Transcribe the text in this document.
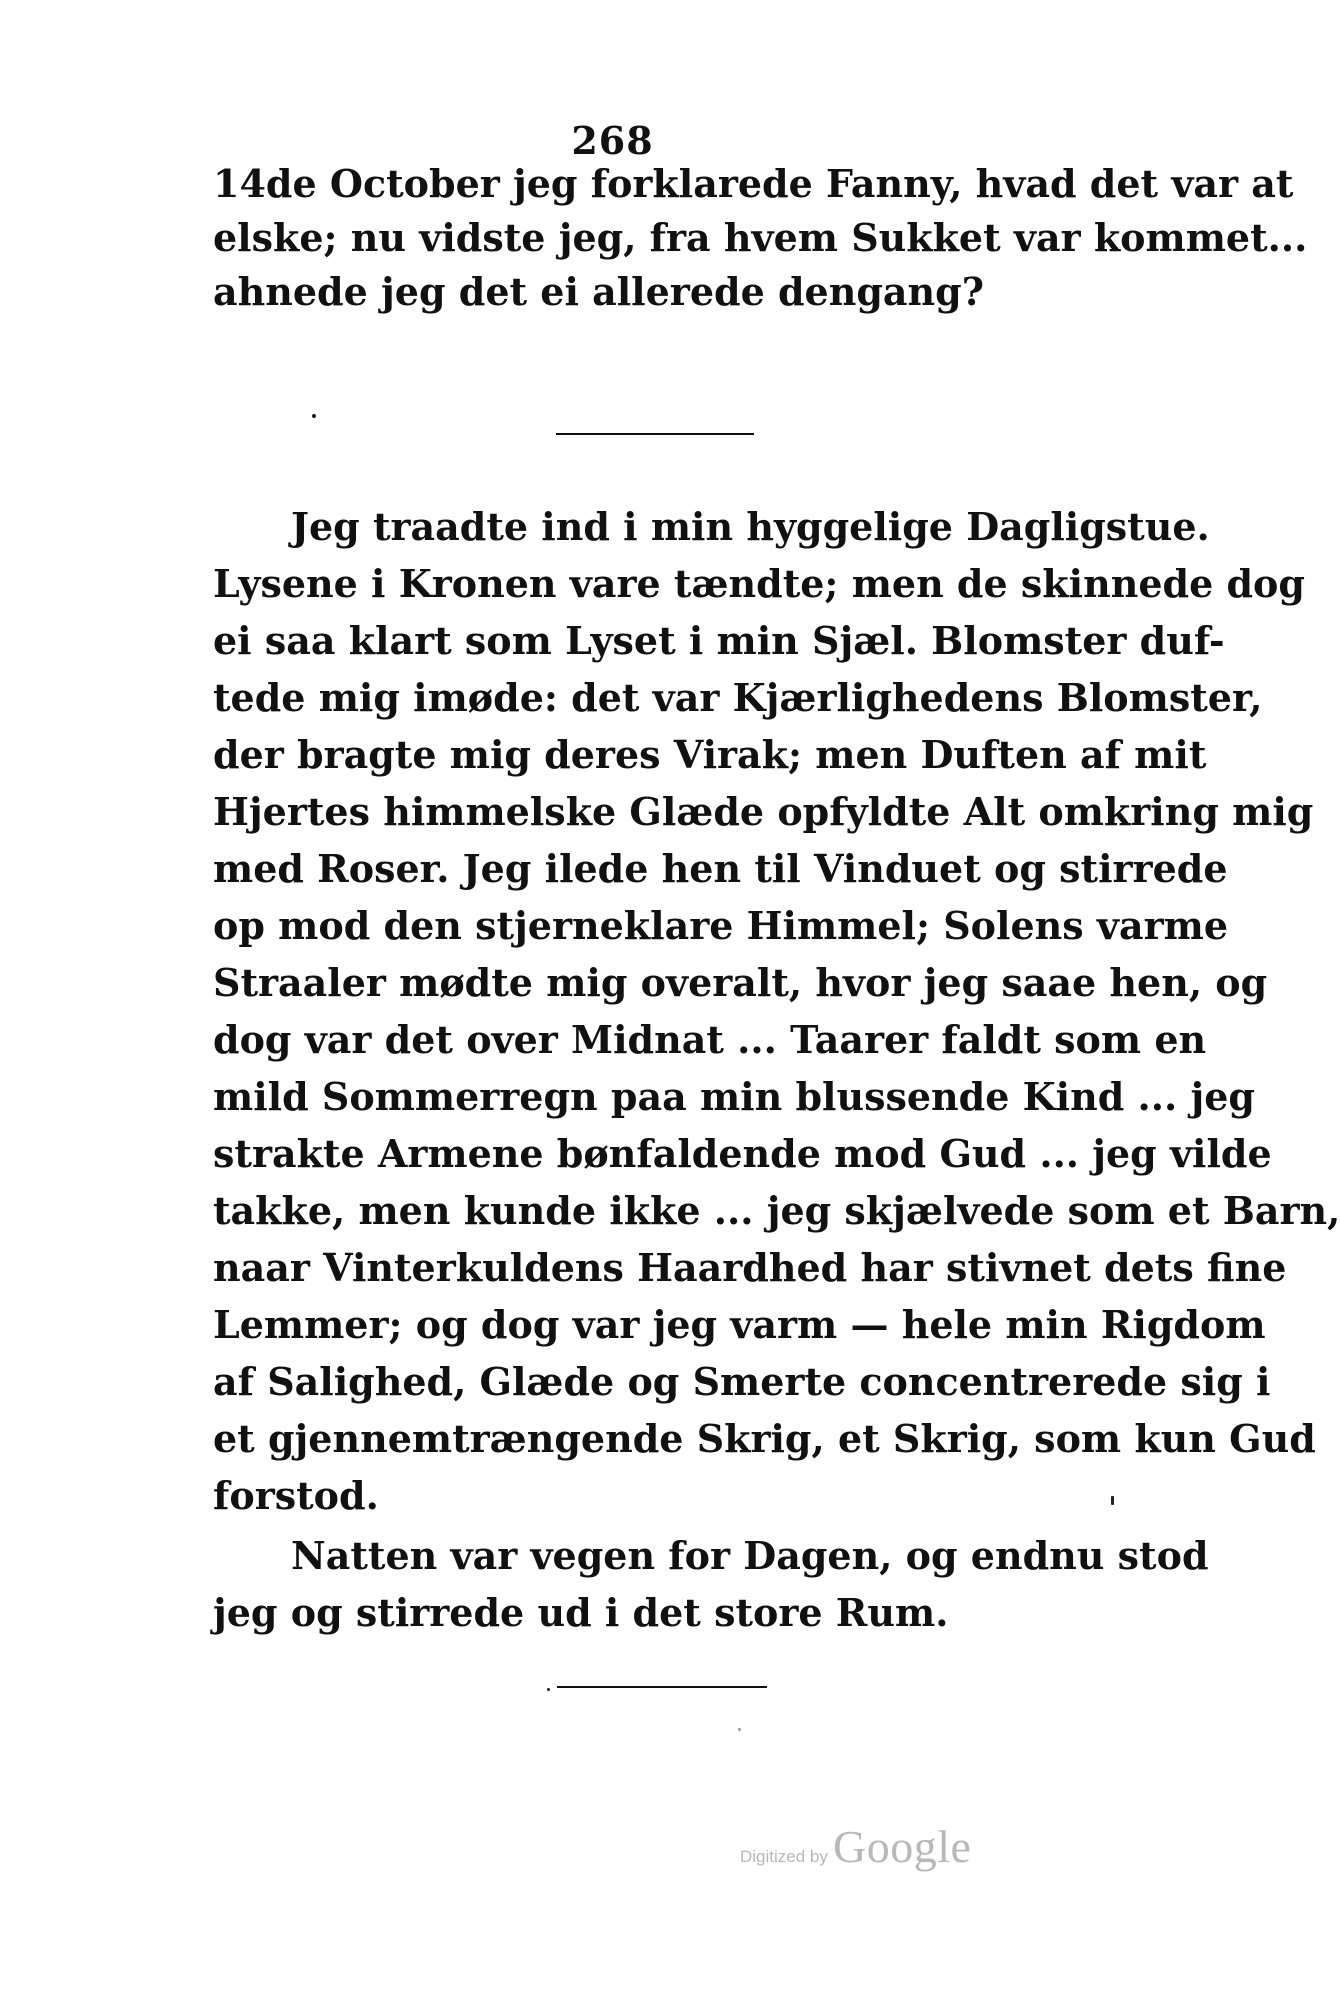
268
14de October jeg forklarede Fanny, hvad det var at
elske; nu vidste jeg, fra hvem Sukket var kommet...
ahnede jeg det ei allerede dengang?
Jeg traadte ind i min hyggelige Dagligstue.
Lysene i Kronen vare tændte; men de skinnede dog
ei saa klart som Lyset i min Sjæl. Blomster duf-
tede mig imøde: det var Kjærlighedens Blomster,
der bragte mig deres Virak; men Duften af mit
Hjertes himmelske Glæde opfyldte Alt omkring mig
med Roser. Jeg ilede hen til Vinduet og stirrede
op mod den stjerneklare Himmel; Solens varme
Straaler mødte mig overalt, hvor jeg saae hen, og
dog var det over Midnat ... Taarer faldt som en
mild Sommerregn paa min blussende Kind ... jeg
strakte Armene bønfaldende mod Gud ... jeg vilde
takke, men kunde ikke ... jeg skjælvede som et Barn,
naar Vinterkuldens Haardhed har stivnet dets fine
Lemmer; og dog var jeg varm — hele min Rigdom
af Salighed, Glæde og Smerte concentrerede sig i
et gjennemtrængende Skrig, et Skrig, som kun Gud
forstod.
Natten var vegen for Dagen, og endnu stod
jeg og stirrede ud i det store Rum.
Digitized by Google
